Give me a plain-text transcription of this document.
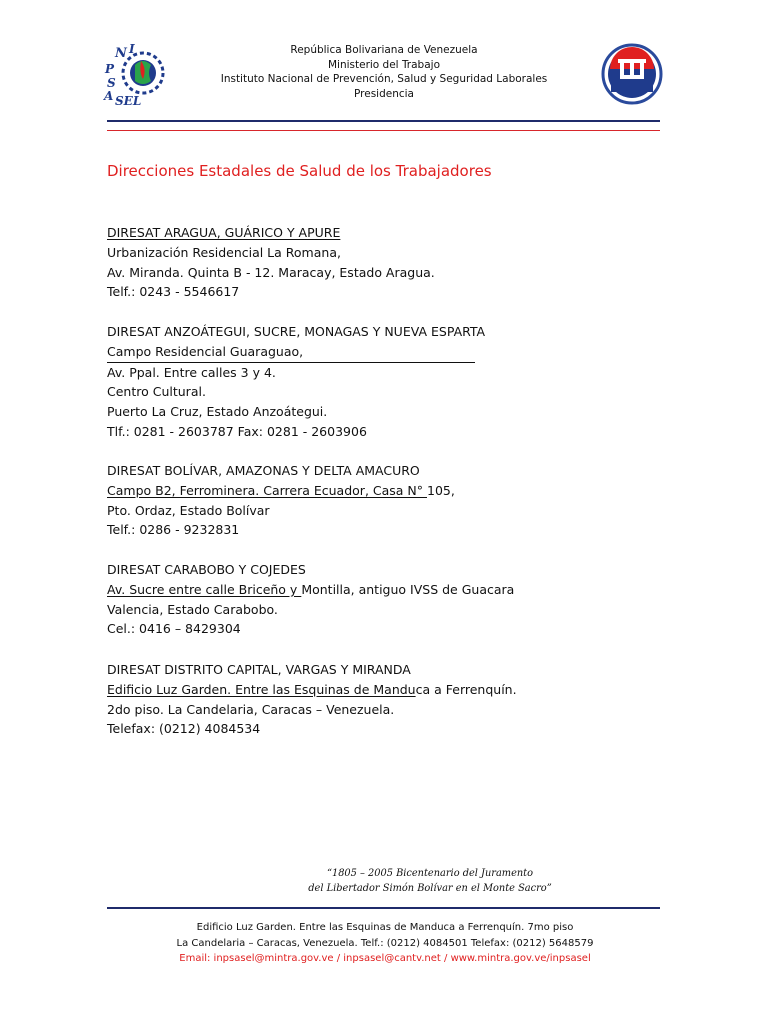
N I
P
S
A SEL
República Bolivariana de Venezuela
Ministerio del Trabajo
Instituto Nacional de Prevención, Salud y Seguridad Laborales
Presidencia
Direcciones Estadales de Salud de los Trabajadores
DIRESAT ARAGUA, GUÁRICO Y APURE
Urbanización Residencial La Romana,
Av. Miranda. Quinta B - 12. Maracay, Estado Aragua.
Telf.: 0243 - 5546617
DIRESAT ANZOÁTEGUI, SUCRE, MONAGAS Y NUEVA ESPARTA
Campo Residencial Guaraguao,
Av. Ppal. Entre calles 3 y 4.
Centro Cultural.
Puerto La Cruz, Estado Anzoátegui.
Tlf.: 0281 - 2603787 Fax: 0281 - 2603906
DIRESAT BOLÍVAR, AMAZONAS Y DELTA AMACURO
Campo B2, Ferrominera. Carrera Ecuador, Casa N° 105,
Pto. Ordaz, Estado Bolívar
Telf.: 0286 - 9232831
DIRESAT CARABOBO Y COJEDES
Av. Sucre entre calle Briceño y Montilla, antiguo IVSS de Guacara
Valencia, Estado Carabobo.
Cel.: 0416 – 8429304
DIRESAT DISTRITO CAPITAL, VARGAS Y MIRANDA
Edificio Luz Garden. Entre las Esquinas de Manduca a Ferrenquín.
2do piso. La Candelaria, Caracas – Venezuela.
Telefax: (0212) 4084534
“1805 – 2005 Bicentenario del Juramento
del Libertador Simón Bolívar en el Monte Sacro”
Edificio Luz Garden. Entre las Esquinas de Manduca a Ferrenquín. 7mo piso
La Candelaria – Caracas, Venezuela. Telf.: (0212) 4084501 Telefax: (0212) 5648579
Email: inpsasel@mintra.gov.ve / inpsasel@cantv.net / www.mintra.gov.ve/inpsasel
